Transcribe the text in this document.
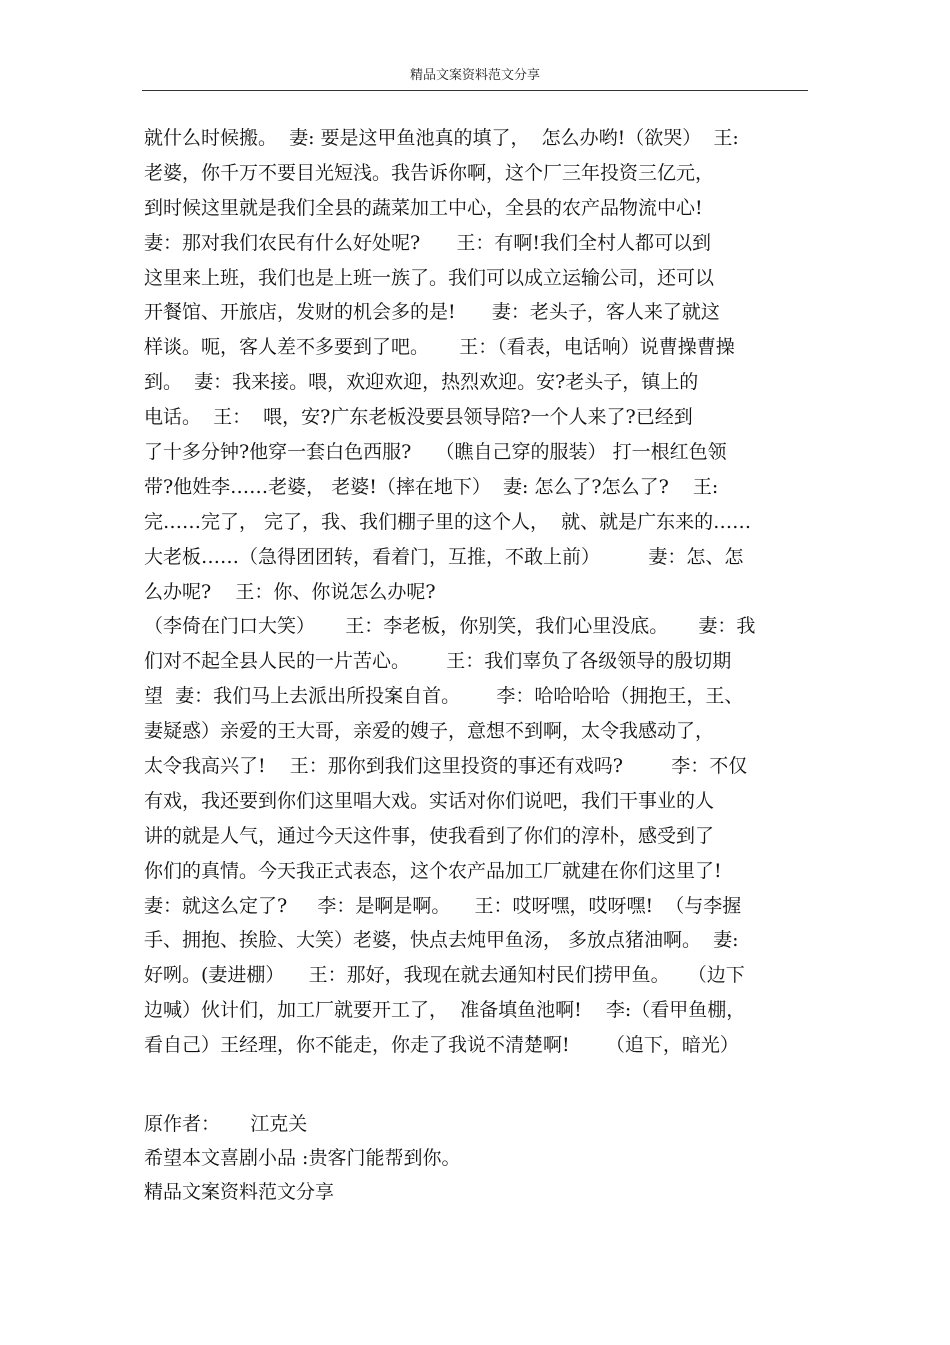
精品文案资料范文分享
就什么时候搬。  妻: 要是这甲鱼池真的填了，  怎么办哟!（欲哭）  王:
老婆，你千万不要目光短浅。我告诉你啊，这个厂三年投资三亿元，
到时候这里就是我们全县的蔬菜加工中心，全县的农产品物流中心!
妻：那对我们农民有什么好处呢?      王：有啊!我们全村人都可以到
这里来上班，我们也是上班一族了。我们可以成立运输公司，还可以
开餐馆、开旅店，发财的机会多的是!      妻：老头子，客人来了就这
样谈。呃，客人差不多要到了吧。     王：（看表，电话响）说曹操曹操
到。  妻：我来接。喂，欢迎欢迎，热烈欢迎。安?老头子，镇上的
电话。  王：  喂，安?广东老板没要县领导陪?一个人来了?已经到
了十多分钟?他穿一套白色西服?    （瞧自己穿的服装） 打一根红色领
带?他姓李……老婆， 老婆!（摔在地下）  妻: 怎么了?怎么了?    王:
完……完了， 完了，我、我们棚子里的这个人，  就、就是广东来的……
大老板……（急得团团转，看着门，互推，不敢上前）        妻：怎、怎
么办呢?    王：你、你说怎么办呢?
（李倚在门口大笑）     王：李老板，你别笑，我们心里没底。     妻：我
们对不起全县人民的一片苦心。      王：我们辜负了各级领导的殷切期
望  妻：我们马上去派出所投案自首。      李：哈哈哈哈（拥抱王，王、
妻疑惑）亲爱的王大哥，亲爱的嫂子，意想不到啊，太令我感动了，
太令我高兴了!    王：那你到我们这里投资的事还有戏吗?        李：不仅
有戏，我还要到你们这里唱大戏。实话对你们说吧，我们干事业的人
讲的就是人气，通过今天这件事，使我看到了你们的淳朴，感受到了
你们的真情。今天我正式表态，这个农产品加工厂就建在你们这里了!
妻：就这么定了?     李：是啊是啊。    王：哎呀嘿，哎呀嘿!  （与李握
手、拥抱、挨脸、大笑）老婆，快点去炖甲鱼汤， 多放点猪油啊。  妻:
好咧。(妻进棚）    王：那好，我现在就去通知村民们捞甲鱼。   （边下
边喊）伙计们，加工厂就要开工了，  准备填鱼池啊!    李:（看甲鱼棚，
看自己）王经理，你不能走，你走了我说不清楚啊!      （追下，暗光）
原作者：     江克关
希望本文喜剧小品 :贵客门能帮到你。
精品文案资料范文分享
